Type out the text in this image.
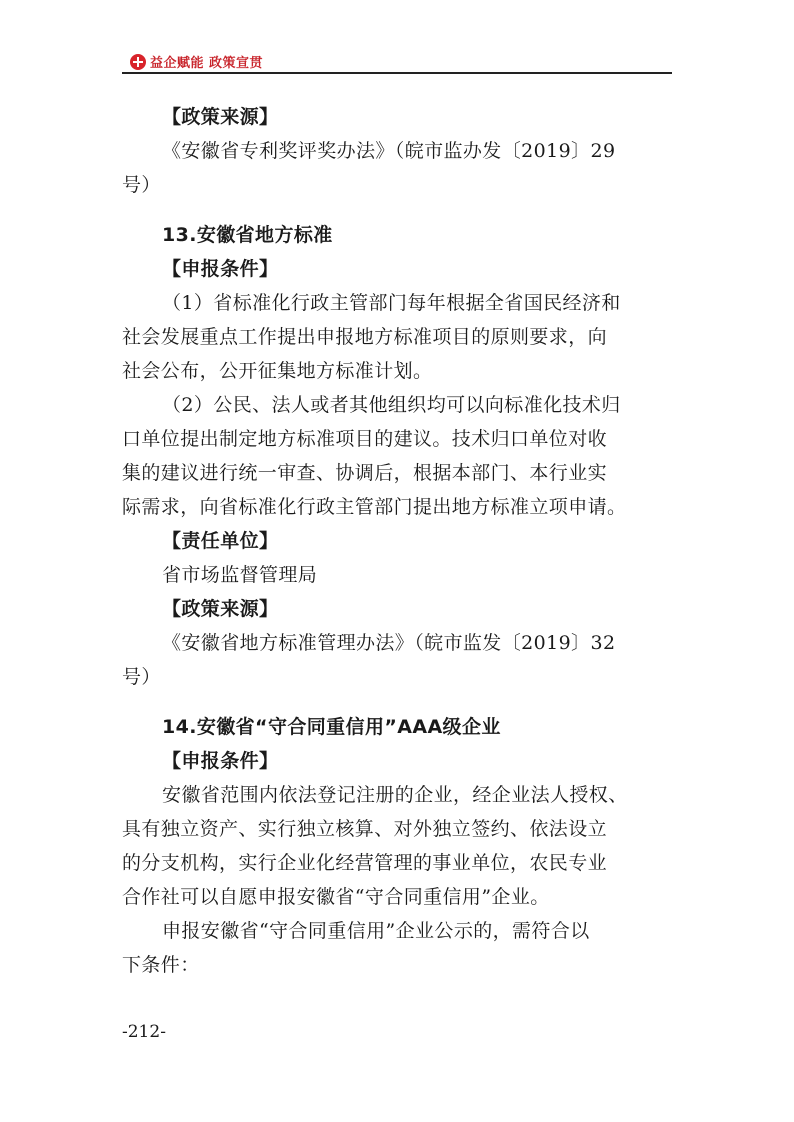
益企赋能 政策宣贯
【政策来源】
《安徽省专利奖评奖办法》（皖市监办发〔2019〕29
号）
13.安徽省地方标准
【申报条件】
（1）省标准化行政主管部门每年根据全省国民经济和
社会发展重点工作提出申报地方标准项目的原则要求，向
社会公布，公开征集地方标准计划。
（2）公民、法人或者其他组织均可以向标准化技术归
口单位提出制定地方标准项目的建议。技术归口单位对收
集的建议进行统一审查、协调后，根据本部门、本行业实
际需求，向省标准化行政主管部门提出地方标准立项申请。
【责任单位】
省市场监督管理局
【政策来源】
《安徽省地方标准管理办法》（皖市监发〔2019〕32
号）
14.安徽省“守合同重信用”AAA级企业
【申报条件】
安徽省范围内依法登记注册的企业，经企业法人授权、
具有独立资产、实行独立核算、对外独立签约、依法设立
的分支机构，实行企业化经营管理的事业单位，农民专业
合作社可以自愿申报安徽省“守合同重信用”企业。
申报安徽省“守合同重信用”企业公示的，需符合以
下条件：
-212-
